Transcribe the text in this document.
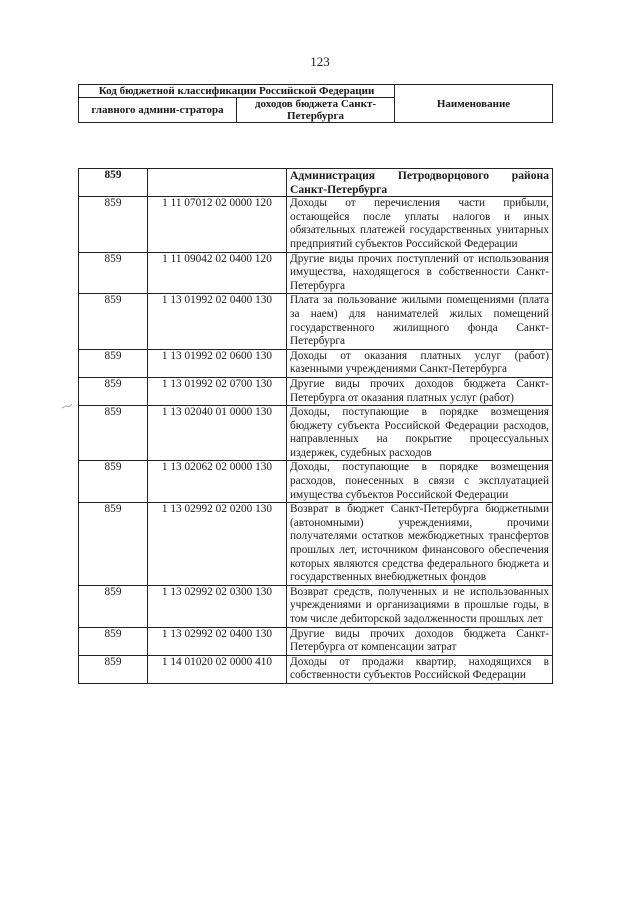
123
Код бюджетной классификации Российской Федерации		Наименование
главного админи-стратора	доходов бюджета Санкт-Петербурга	
859		Администрация Петродворцового района Санкт-Петербурга
859	1 11 07012 02 0000 120	Доходы от перечисления части прибыли, остающейся после уплаты налогов и иных обязательных платежей государственных унитарных предприятий субъектов Российской Федерации
859	1 11 09042 02 0400 120	Другие виды прочих поступлений от использования имущества, находящегося в собственности Санкт-Петербурга
859	1 13 01992 02 0400 130	Плата за пользование жилыми помещениями (плата за наем) для нанимателей жилых помещений государственного жилищного фонда Санкт-Петербурга
859	1 13 01992 02 0600 130	Доходы от оказания платных услуг (работ) казенными учреждениями Санкт-Петербурга
859	1 13 01992 02 0700 130	Другие виды прочих доходов бюджета Санкт-Петербурга от оказания платных услуг (работ)
859	1 13 02040 01 0000 130	Доходы, поступающие в порядке возмещения бюджету субъекта Российской Федерации расходов, направленных на покрытие процессуальных издержек, судебных расходов
859	1 13 02062 02 0000 130	Доходы, поступающие в порядке возмещения расходов, понесенных в связи с эксплуатацией имущества субъектов Российской Федерации
859	1 13 02992 02 0200 130	Возврат в бюджет Санкт-Петербурга бюджетными (автономными) учреждениями, прочими получателями остатков межбюджетных трансфертов прошлых лет, источником финансового обеспечения которых являются средства федерального бюджета и государственных внебюджетных фондов
859	1 13 02992 02 0300 130	Возврат средств, полученных и не использованных учреждениями и организациями в прошлые годы, в том числе дебиторской задолженности прошлых лет
859	1 13 02992 02 0400 130	Другие виды прочих доходов бюджета Санкт-Петербурга от компенсации затрат
859	1 14 01020 02 0000 410	Доходы от продажи квартир, находящихся в собственности субъектов Российской Федерации
